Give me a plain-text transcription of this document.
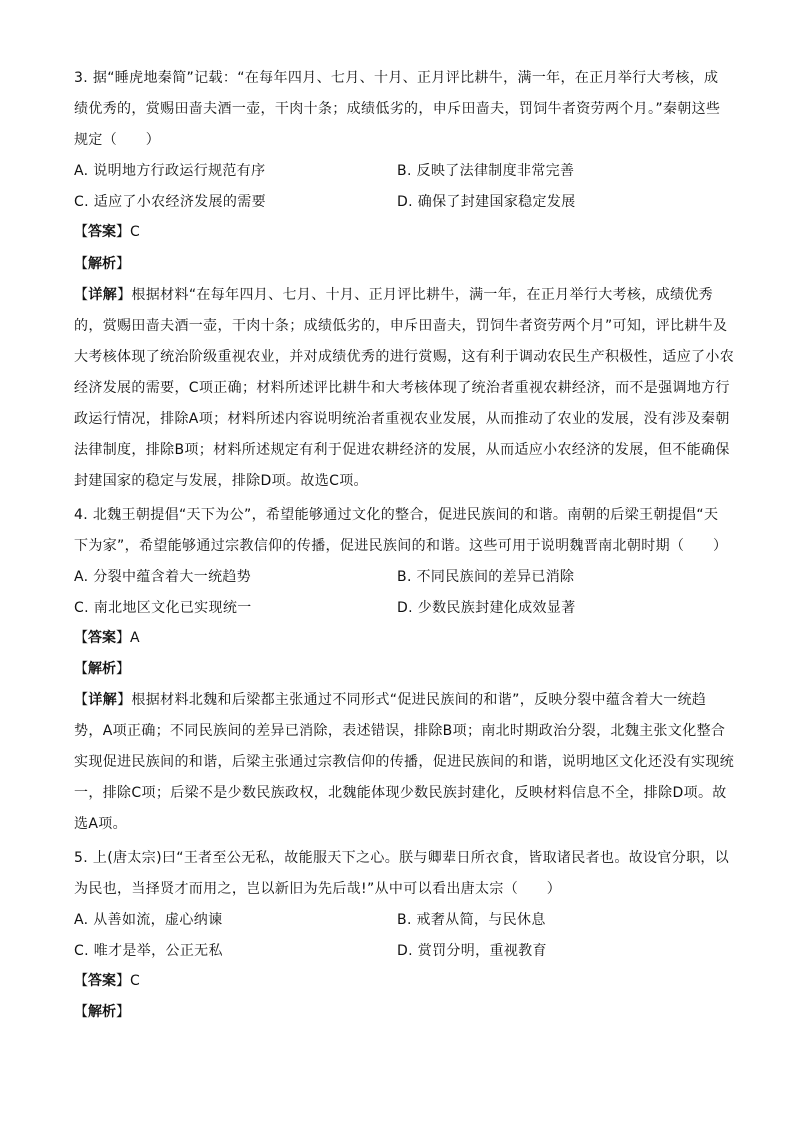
3. 据“睡虎地秦简”记载：“在每年四月、七月、十月、正月评比耕牛，满一年，在正月举行大考核，成
绩优秀的，赏赐田啬夫酒一壶，干肉十条；成绩低劣的，申斥田啬夫，罚饲牛者资劳两个月。”秦朝这些
规定（　　）
A. 说明地方行政运行规范有序	B. 反映了法律制度非常完善
C. 适应了小农经济发展的需要	D. 确保了封建国家稳定发展
【答案】C
【解析】
【详解】根据材料“在每年四月、七月、十月、正月评比耕牛，满一年，在正月举行大考核，成绩优秀
的，赏赐田啬夫酒一壶，干肉十条；成绩低劣的，申斥田啬夫，罚饲牛者资劳两个月”可知，评比耕牛及
大考核体现了统治阶级重视农业，并对成绩优秀的进行赏赐，这有利于调动农民生产积极性，适应了小农
经济发展的需要，C项正确；材料所述评比耕牛和大考核体现了统治者重视农耕经济，而不是强调地方行
政运行情况，排除A项；材料所述内容说明统治者重视农业发展，从而推动了农业的发展，没有涉及秦朝
法律制度，排除B项；材料所述规定有利于促进农耕经济的发展，从而适应小农经济的发展，但不能确保
封建国家的稳定与发展，排除D项。故选C项。
4. 北魏王朝提倡“天下为公”，希望能够通过文化的整合，促进民族间的和谐。南朝的后梁王朝提倡“天
下为家”，希望能够通过宗教信仰的传播，促进民族间的和谐。这些可用于说明魏晋南北朝时期（　　）
A. 分裂中蕴含着大一统趋势	B. 不同民族间的差异已消除
C. 南北地区文化已实现统一	D. 少数民族封建化成效显著
【答案】A
【解析】
【详解】根据材料北魏和后梁都主张通过不同形式“促进民族间的和谐”，反映分裂中蕴含着大一统趋
势，A项正确；不同民族间的差异已消除，表述错误，排除B项；南北时期政治分裂，北魏主张文化整合
实现促进民族间的和谐，后梁主张通过宗教信仰的传播，促进民族间的和谐，说明地区文化还没有实现统
一，排除C项；后梁不是少数民族政权，北魏能体现少数民族封建化，反映材料信息不全，排除D项。故
选A项。
5. 上(唐太宗)曰“王者至公无私，故能服天下之心。朕与卿辈日所衣食，皆取诸民者也。故设官分职，以
为民也，当择贤才而用之，岂以新旧为先后哉!”从中可以看出唐太宗（　　）
A. 从善如流，虚心纳谏	B. 戒奢从简，与民休息
C. 唯才是举，公正无私	D. 赏罚分明，重视教育
【答案】C
【解析】
